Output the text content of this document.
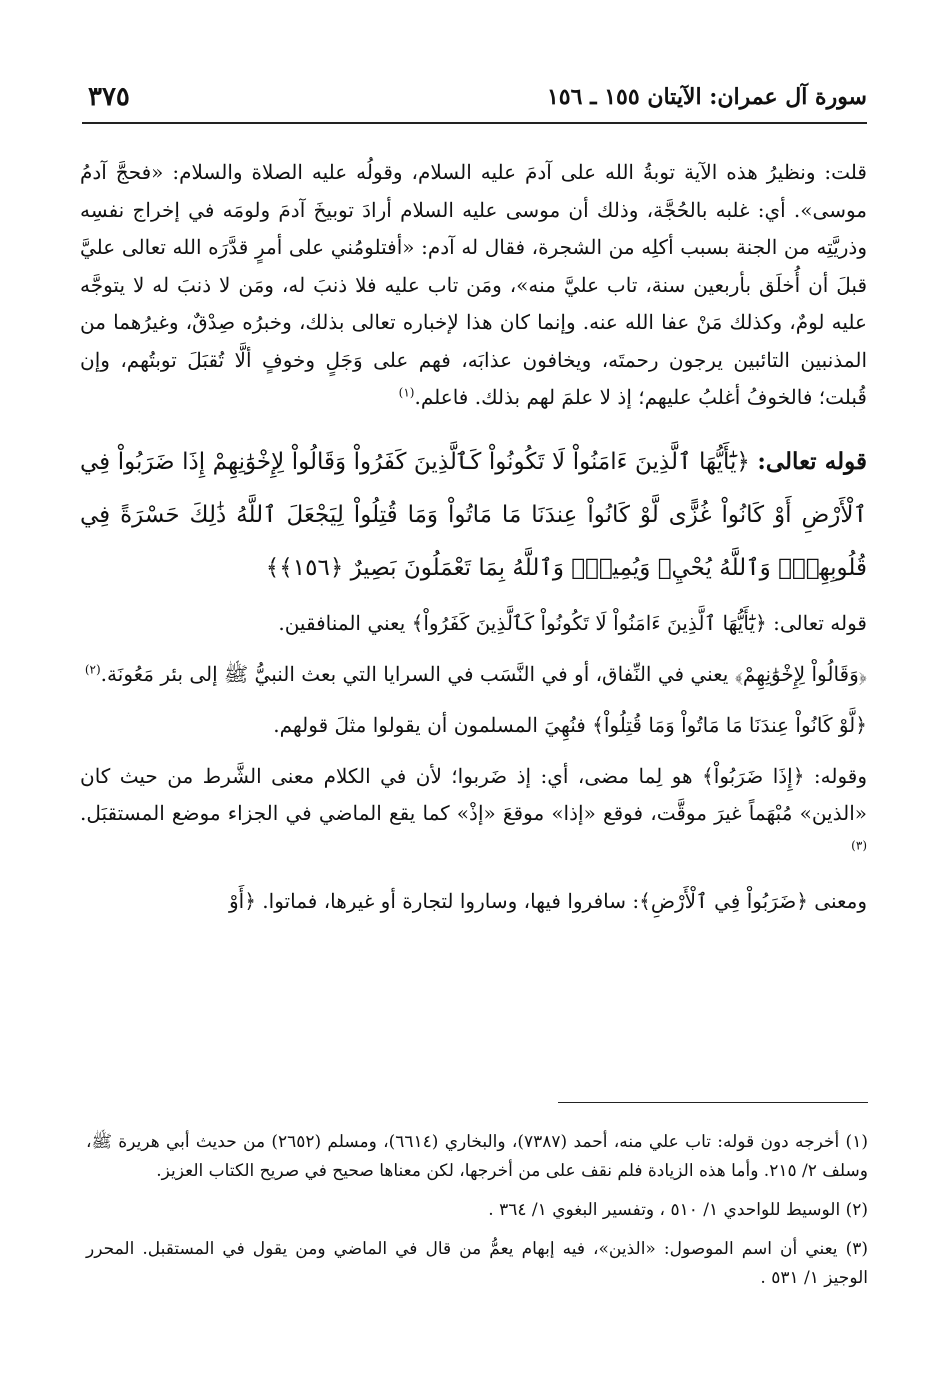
سورة آل عمران: الآيتان ١٥٥ ـ ١٥٦
٣٧٥

قلت: ونظيرُ هذه الآية توبةُ الله على آدمَ عليه السلام، وقولُه عليه الصلاة والسلام: «فحجَّ آدمُ موسى». أي: غلبه بالحُجَّة، وذلك أن موسى عليه السلام أرادَ توبيخَ آدمَ ولومَه في إخراج نفسِه وذريَّتِه من الجنة بسبب أكلِه من الشجرة، فقال له آدم: «أفتلومُني على أمرٍ قدَّرَه الله تعالى عليَّ قبلَ أن أُخلَق بأربعين سنة، تاب عليَّ منه»، ومَن تاب عليه فلا ذنبَ له، ومَن لا ذنبَ له لا يتوجَّه عليه لومٌ، وكذلك مَنْ عفا الله عنه. وإنما كان هذا لإخباره تعالى بذلك، وخبرُه صِدْقٌ، وغيرُهما من المذنبين التائبين يرجون رحمتَه، ويخافون عذابَه، فهم على وَجَلٍ وخوفٍ ألَّا تُقبَلَ توبتُهم، وإن قُبلت؛ فالخوفُ أغلبُ عليهم؛ إذ لا علمَ لهم بذلك. فاعلم.$^{(١)}$

قوله تعالى: ﴿يَٰٓأَيُّهَا ٱلَّذِينَ ءَامَنُواْ لَا تَكُونُواْ كَٱلَّذِينَ كَفَرُواْ وَقَالُواْ لِإِخْوَٰنِهِمْ إِذَا ضَرَبُواْ فِي ٱلْأَرْضِ أَوْ كَانُواْ غُزًّى لَّوْ كَانُواْ عِندَنَا مَا مَاتُواْ وَمَا قُتِلُواْ لِيَجْعَلَ ٱللَّهُ ذَٰلِكَ حَسْرَةً فِي قُلُوبِهِمْۗ وَٱللَّهُ يُحْيِۦ وَيُمِيتُۗ وَٱللَّهُ بِمَا تَعْمَلُونَ بَصِيرٌ ﴿١٥٦﴾﴾

قوله تعالى: ﴿يَٰٓأَيُّهَا ٱلَّذِينَ ءَامَنُواْ لَا تَكُونُواْ كَٱلَّذِينَ كَفَرُواْ﴾ يعني المنافقين.

﴿وَقَالُواْ لِإِخْوَٰنِهِمْ﴾ يعني في النِّفاق، أو في النَّسَب في السرايا التي بعث النبيُّ ﷺ إلى بئر مَعُونَة.$^{(٢)}$

﴿لَّوْ كَانُواْ عِندَنَا مَا مَاتُواْ وَمَا قُتِلُواْ﴾ فنُهِيَ المسلمون أن يقولوا مثلَ قولهم.

وقوله: ﴿إِذَا ضَرَبُواْ﴾ هو لِما مضى، أي: إذ ضَربوا؛ لأن في الكلام معنى الشَّرط من حيث كان «الذين» مُبْهَماً غيرَ موقَّت، فوقع «إذا» موقعَ «إذْ» كما يقع الماضي في الجزاء موضع المستقبَل.$^{(٣)}$

ومعنى ﴿ضَرَبُواْ فِي ٱلْأَرْضِ﴾: سافروا فيها، وساروا لتجارة أو غيرها، فماتوا. ﴿أَوْ

(١) أخرجه دون قوله: تاب علي منه، أحمد (٧٣٨٧)، والبخاري (٦٦١٤)، ومسلم (٢٦٥٢) من حديث أبي هريرة ﷺ، وسلف ٢/ ٢١٥. وأما هذه الزيادة فلم نقف على من أخرجها، لكن معناها صحيح في صريح الكتاب العزيز.

(٢) الوسيط للواحدي ١/ ٥١٠ ، وتفسير البغوي ١/ ٣٦٤ .

(٣) يعني أن اسم الموصول: «الذين»، فيه إبهام يعمُّ من قال في الماضي ومن يقول في المستقبل. المحرر الوجيز ١/ ٥٣١ .
